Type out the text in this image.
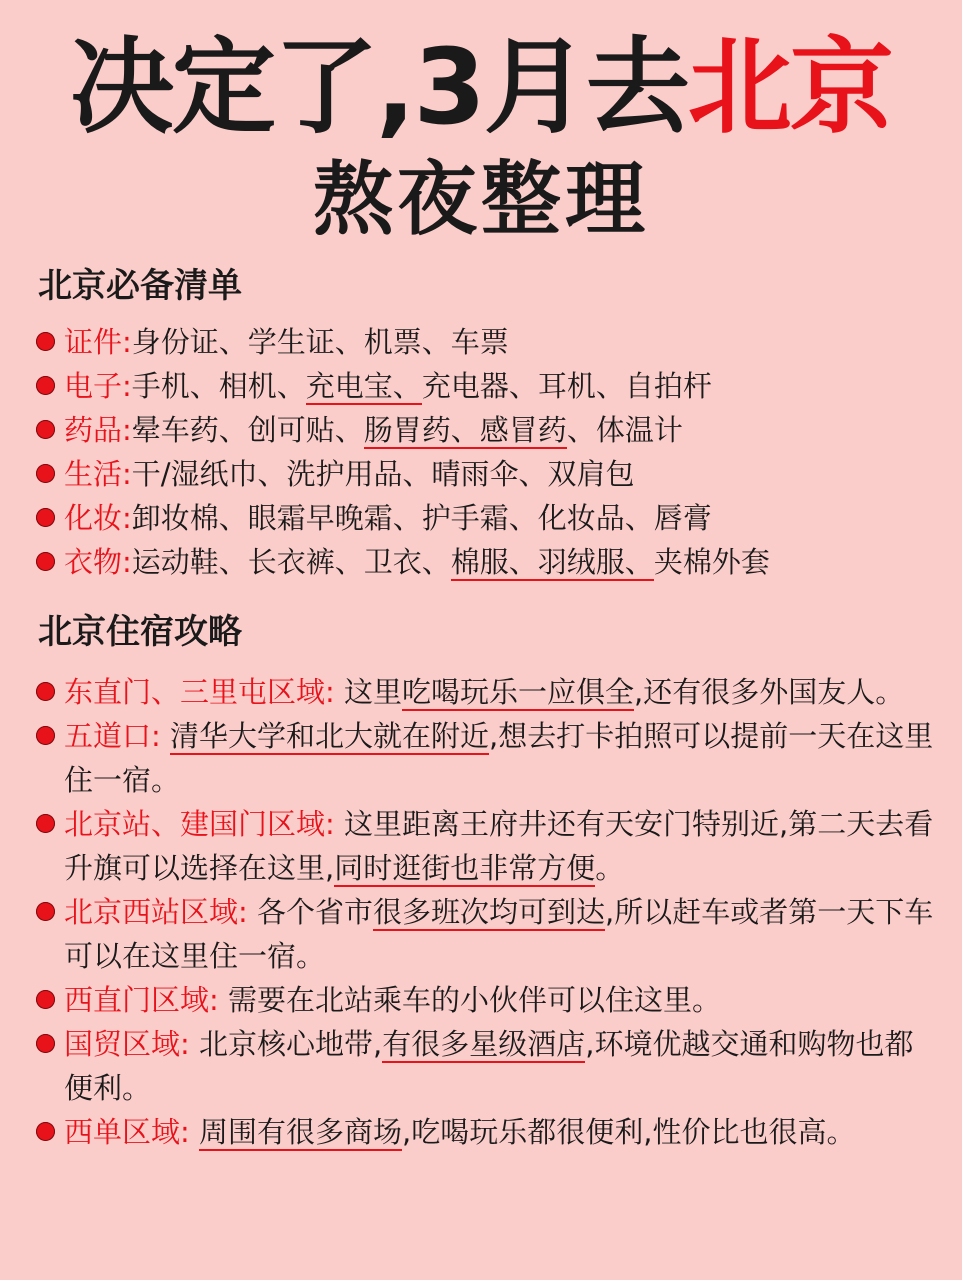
决定了,3月去北京
熬夜整理
北京必备清单
证件:身份证、学生证、机票、车票
电子:手机、相机、充电宝、充电器、耳机、自拍杆
药品:晕车药、创可贴、肠胃药、感冒药、体温计
生活:干/湿纸巾、洗护用品、晴雨伞、双肩包
化妆:卸妆棉、眼霜早晚霜、护手霜、化妆品、唇膏
衣物:运动鞋、长衣裤、卫衣、棉服、羽绒服、夹棉外套
北京住宿攻略
东直门、三里屯区域: 这里吃喝玩乐一应俱全,还有很多外国友人。
五道口: 清华大学和北大就在附近,想去打卡拍照可以提前一天在这里住一宿。
北京站、建国门区域: 这里距离王府井还有天安门特别近,第二天去看升旗可以选择在这里,同时逛街也非常方便。
北京西站区域: 各个省市很多班次均可到达,所以赶车或者第一天下车可以在这里住一宿。
西直门区域: 需要在北站乘车的小伙伴可以住这里。
国贸区域: 北京核心地带,有很多星级酒店,环境优越交通和购物也都便利。
西单区域: 周围有很多商场,吃喝玩乐都很便利,性价比也很高。
